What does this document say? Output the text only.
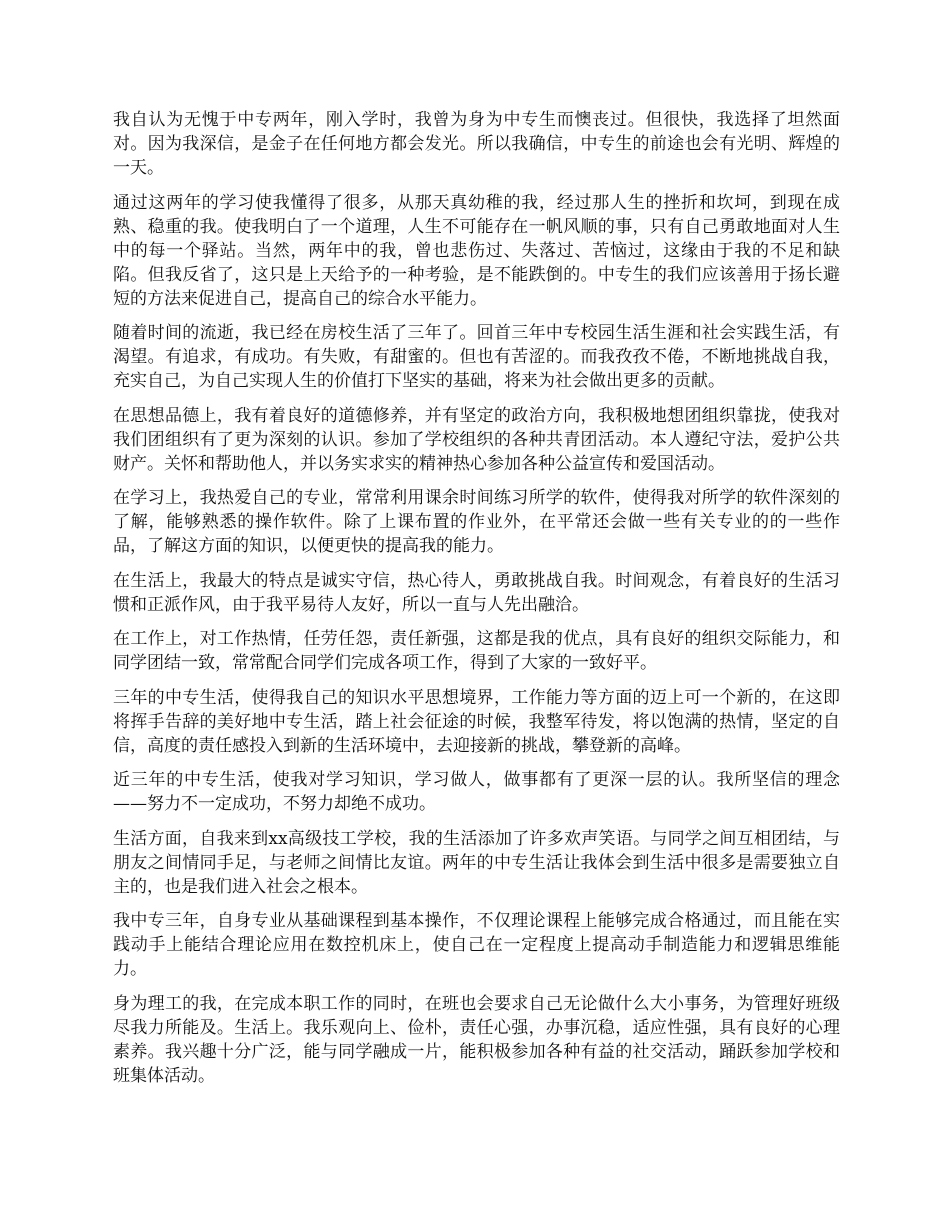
我自认为无愧于中专两年，刚入学时，我曾为身为中专生而懊丧过。但很快，我选择了坦然面对。因为我深信，是金子在任何地方都会发光。所以我确信，中专生的前途也会有光明、辉煌的一天。

通过这两年的学习使我懂得了很多，从那天真幼稚的我，经过那人生的挫折和坎坷，到现在成熟、稳重的我。使我明白了一个道理，人生不可能存在一帆风顺的事，只有自己勇敢地面对人生中的每一个驿站。当然，两年中的我，曾也悲伤过、失落过、苦恼过，这缘由于我的不足和缺陷。但我反省了，这只是上天给予的一种考验，是不能跌倒的。中专生的我们应该善用于扬长避短的方法来促进自己，提高自己的综合水平能力。

随着时间的流逝，我已经在房校生活了三年了。回首三年中专校园生活生涯和社会实践生活，有渴望。有追求，有成功。有失败，有甜蜜的。但也有苦涩的。而我孜孜不倦，不断地挑战自我，充实自己，为自己实现人生的价值打下坚实的基础，将来为社会做出更多的贡献。

在思想品德上，我有着良好的道德修养，并有坚定的政治方向，我积极地想团组织靠拢，使我对我们团组织有了更为深刻的认识。参加了学校组织的各种共青团活动。本人遵纪守法，爱护公共财产。关怀和帮助他人，并以务实求实的精神热心参加各种公益宣传和爱国活动。

在学习上，我热爱自己的专业，常常利用课余时间练习所学的软件，使得我对所学的软件深刻的了解，能够熟悉的操作软件。除了上课布置的作业外，在平常还会做一些有关专业的的一些作品，了解这方面的知识，以便更快的提高我的能力。

在生活上，我最大的特点是诚实守信，热心待人，勇敢挑战自我。时间观念，有着良好的生活习惯和正派作风，由于我平易待人友好，所以一直与人先出融洽。

在工作上，对工作热情，任劳任怨，责任新强，这都是我的优点，具有良好的组织交际能力，和同学团结一致，常常配合同学们完成各项工作，得到了大家的一致好平。

三年的中专生活，使得我自己的知识水平思想境界，工作能力等方面的迈上可一个新的，在这即将挥手告辞的美好地中专生活，踏上社会征途的时候，我整军待发，将以饱满的热情，坚定的自信，高度的责任感投入到新的生活环境中，去迎接新的挑战，攀登新的高峰。

近三年的中专生活，使我对学习知识，学习做人，做事都有了更深一层的认。我所坚信的理念——努力不一定成功，不努力却绝不成功。

生活方面，自我来到xx高级技工学校，我的生活添加了许多欢声笑语。与同学之间互相团结，与朋友之间情同手足，与老师之间情比友谊。两年的中专生活让我体会到生活中很多是需要独立自主的，也是我们进入社会之根本。

我中专三年，自身专业从基础课程到基本操作，不仅理论课程上能够完成合格通过，而且能在实践动手上能结合理论应用在数控机床上，使自己在一定程度上提高动手制造能力和逻辑思维能力。

身为理工的我，在完成本职工作的同时，在班也会要求自己无论做什么大小事务，为管理好班级尽我力所能及。生活上。我乐观向上、俭朴，责任心强，办事沉稳，适应性强，具有良好的心理素养。我兴趣十分广泛，能与同学融成一片，能积极参加各种有益的社交活动，踊跃参加学校和班集体活动。
